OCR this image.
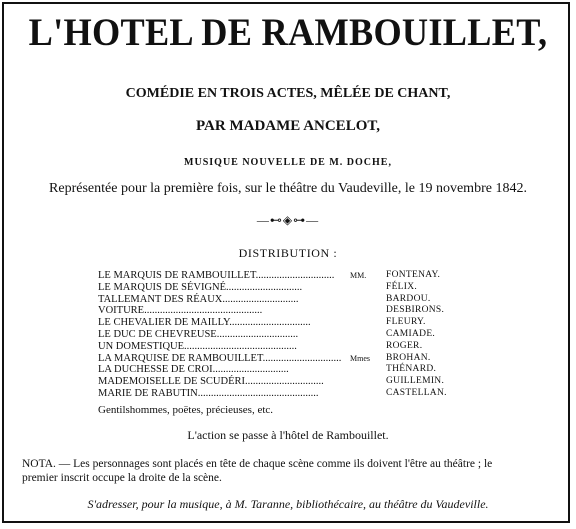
L'HOTEL DE RAMBOUILLET,
COMÉDIE EN TROIS ACTES, MÊLÉE DE CHANT,
PAR MADAME ANCELOT,
MUSIQUE NOUVELLE DE M. DOCHE,
Représentée pour la première fois, sur le théâtre du Vaudeville, le 19 novembre 1842.
—⊷◈⊶—
DISTRIBUTION :
LE MARQUIS DE RAMBOUILLET.............................. MM. FONTENAY.
LE MARQUIS DE SÉVIGNÉ.............................	FÉLIX.
TALLEMANT DES RÉAUX.............................	BARDOU.
VOITURE.............................................	DESBIRONS.
LE CHEVALIER DE MAILLY...............................	FLEURY.
LE DUC DE CHEVREUSE...............................	CAMIADE.
UN DOMESTIQUE...........................................	ROGER.
LA MARQUISE DE RAMBOUILLET.............................. Mmes BROHAN.
LA DUCHESSE DE CROI.............................	THÉNARD.
MADEMOISELLE DE SCUDÉRI..............................	GUILLEMIN.
MARIE DE RABUTIN..............................................	CASTELLAN.
Gentilshommes, poëtes, précieuses, etc.
L'action se passe à l'hôtel de Rambouillet.
NOTA. — Les personnages sont placés en tête de chaque scène comme ils doivent l'être au théâtre ; le
premier inscrit occupe la droite de la scène.
S'adresser, pour la musique, à M. Taranne, bibliothécaire, au théâtre du Vaudeville.
